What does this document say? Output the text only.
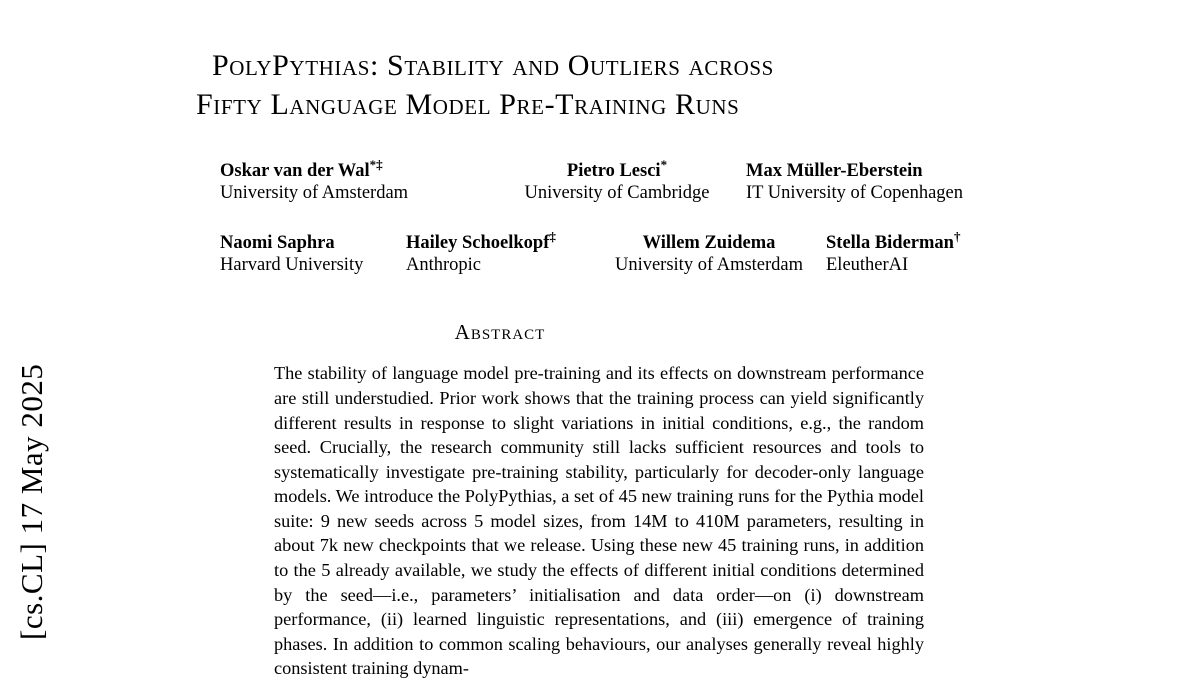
[cs.CL] 17 May 2025
PolyPythias: Stability and Outliers across
Fifty Language Model Pre-Training Runs
Oskar van der Wal*‡
University of Amsterdam
Pietro Lesci*
University of Cambridge
Max Müller-Eberstein
IT University of Copenhagen
Naomi Saphra
Harvard University
Hailey Schoelkopf‡
Anthropic
Willem Zuidema
University of Amsterdam
Stella Biderman†
EleutherAI
Abstract
The stability of language model pre-training and its effects on downstream performance are still understudied. Prior work shows that the training process can yield significantly different results in response to slight variations in initial conditions, e.g., the random seed. Crucially, the research community still lacks sufficient resources and tools to systematically investigate pre-training stability, particularly for decoder-only language models. We introduce the PolyPythias, a set of 45 new training runs for the Pythia model suite: 9 new seeds across 5 model sizes, from 14M to 410M parameters, resulting in about 7k new checkpoints that we release. Using these new 45 training runs, in addition to the 5 already available, we study the effects of different initial conditions determined by the seed—i.e., parameters’ initialisation and data order—on (i) downstream performance, (ii) learned linguistic representations, and (iii) emergence of training phases. In addition to common scaling behaviours, our analyses generally reveal highly consistent training dynam-
